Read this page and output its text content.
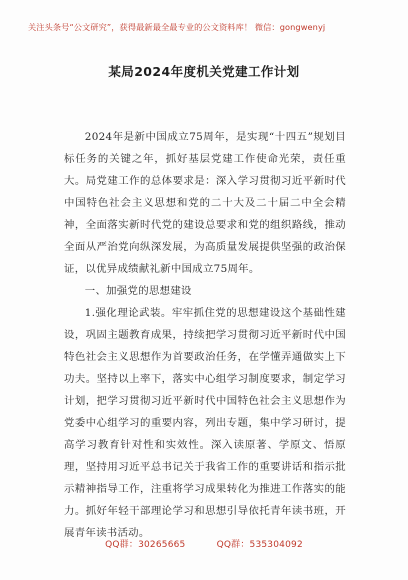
关注头条号“公文研究”，获得最新最全最专业的公文资料库！ 微信：gongwenyj
某局2024年度机关党建工作计划

2024年是新中国成立75周年，是实现“十四五”规划目标任务的关键之年，抓好基层党建工作使命光荣，责任重大。局党建工作的总体要求是：深入学习贯彻习近平新时代中国特色社会主义思想和党的二十大及二十届二中全会精神，全面落实新时代党的建设总要求和党的组织路线，推动全面从严治党向纵深发展，为高质量发展提供坚强的政治保证，以优异成绩献礼新中国成立75周年。

一、加强党的思想建设

1.强化理论武装。牢牢抓住党的思想建设这个基础性建设，巩固主题教育成果，持续把学习贯彻习近平新时代中国特色社会主义思想作为首要政治任务，在学懂弄通做实上下功夫。坚持以上率下，落实中心组学习制度要求，制定学习计划，把学习贯彻习近平新时代中国特色社会主义思想作为党委中心组学习的重要内容，列出专题，集中学习研讨，提高学习教育针对性和实效性。深入读原著、学原文、悟原理，坚持用习近平总书记关于我省工作的重要讲话和指示批示精神指导工作，注重将学习成果转化为推进工作落实的能力。抓好年轻干部理论学习和思想引导依托青年读书班，开展青年读书活动。

QQ群：30265665	QQ群：535304092
